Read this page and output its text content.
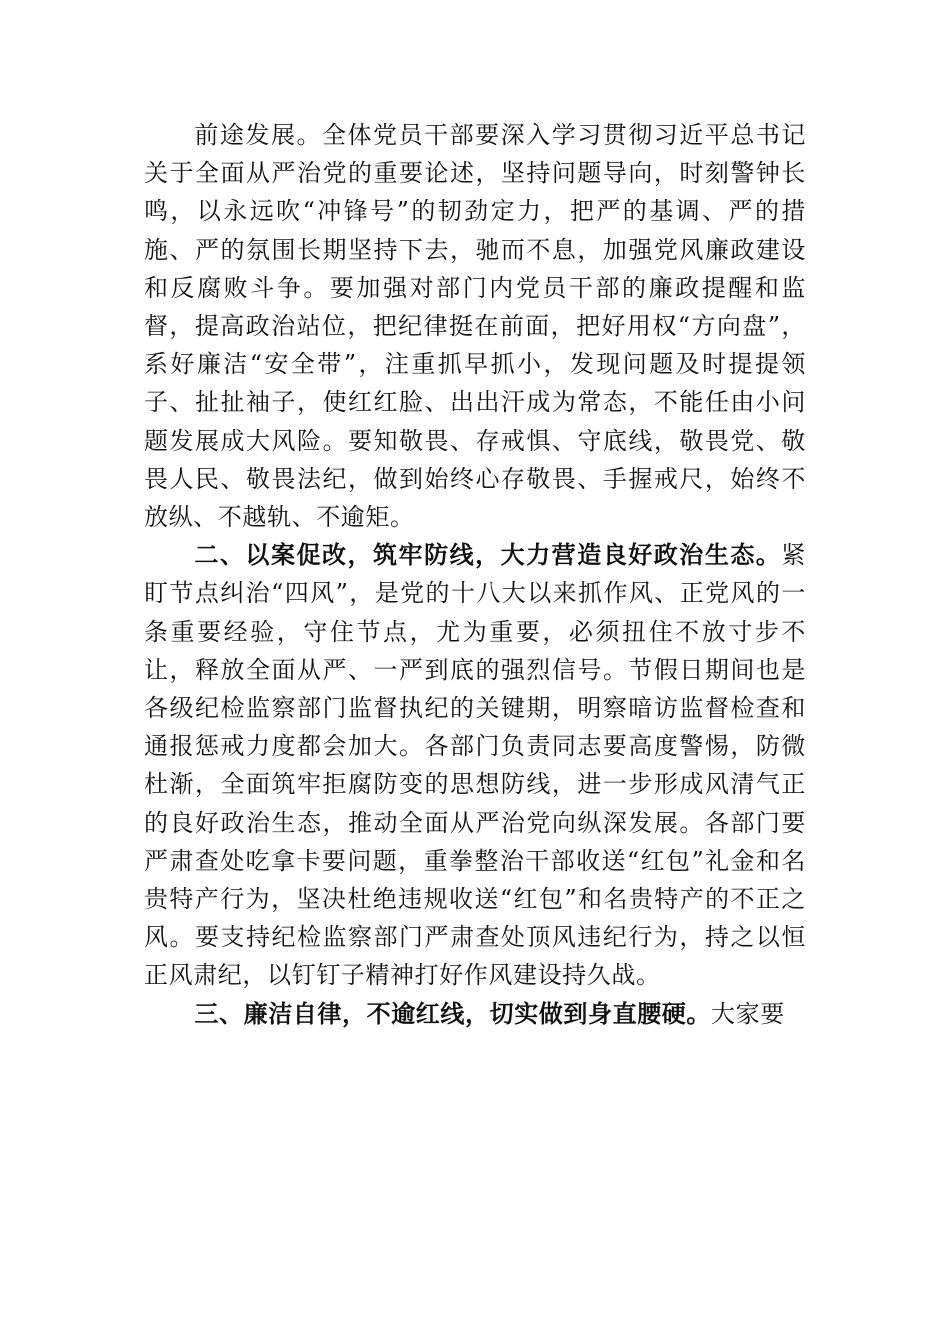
前途发展。全体党员干部要深入学习贯彻习近平总书记关于全面从严治党的重要论述，坚持问题导向，时刻警钟长鸣，以永远吹“冲锋号”的韧劲定力，把严的基调、严的措施、严的氛围长期坚持下去，驰而不息，加强党风廉政建设和反腐败斗争。要加强对部门内党员干部的廉政提醒和监督，提高政治站位，把纪律挺在前面，把好用权“方向盘”，系好廉洁“安全带”，注重抓早抓小，发现问题及时提提领子、扯扯袖子，使红红脸、出出汗成为常态，不能任由小问题发展成大风险。要知敬畏、存戒惧、守底线，敬畏党、敬畏人民、敬畏法纪，做到始终心存敬畏、手握戒尺，始终不放纵、不越轨、不逾矩。

二、以案促改，筑牢防线，大力营造良好政治生态。紧盯节点纠治“四风”，是党的十八大以来抓作风、正党风的一条重要经验，守住节点，尤为重要，必须扭住不放寸步不让，释放全面从严、一严到底的强烈信号。节假日期间也是各级纪检监察部门监督执纪的关键期，明察暗访监督检查和通报惩戒力度都会加大。各部门负责同志要高度警惕，防微杜渐，全面筑牢拒腐防变的思想防线，进一步形成风清气正的良好政治生态，推动全面从严治党向纵深发展。各部门要严肃查处吃拿卡要问题，重拳整治干部收送“红包”礼金和名贵特产行为，坚决杜绝违规收送“红包”和名贵特产的不正之风。要支持纪检监察部门严肃查处顶风违纪行为，持之以恒正风肃纪，以钉钉子精神打好作风建设持久战。

三、廉洁自律，不逾红线，切实做到身直腰硬。大家要
